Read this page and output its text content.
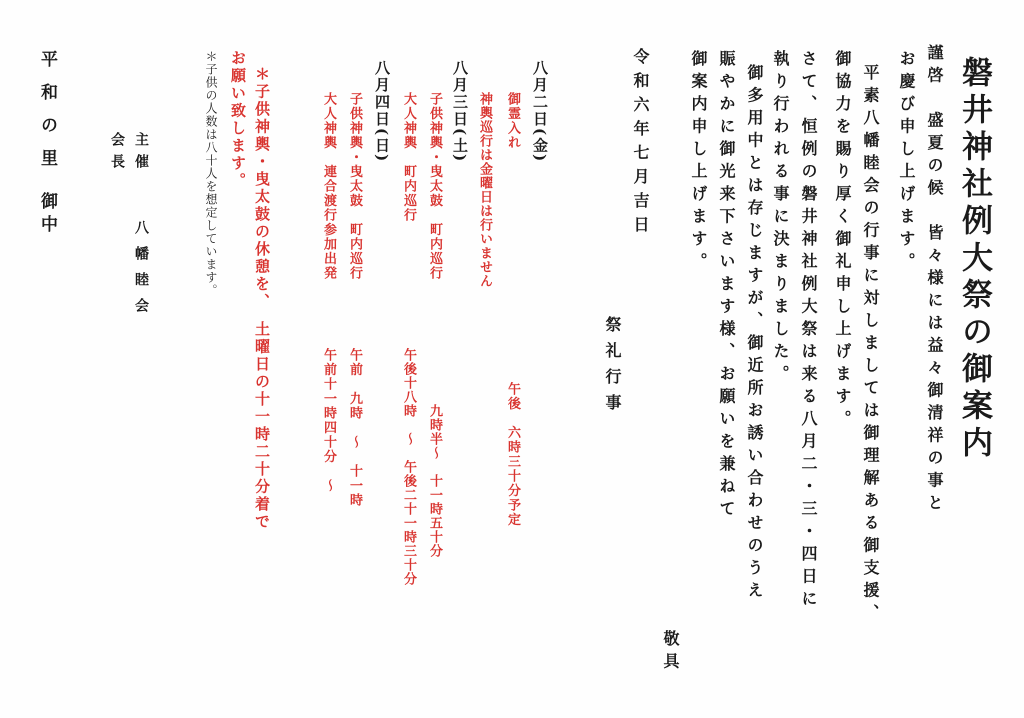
磐井神社例大祭の御案内
謹啓　盛夏の候　皆々様には益々御清祥の事と
お慶び申し上げます。
平素八幡睦会の行事に対しましては御理解ある御支援、
御協力を賜り厚く御礼申し上げます。
さて、恒例の磐井神社例大祭は来る八月二・三・四日に
執り行われる事に決まりました。
御多用中とは存じますが、御近所お誘い合わせのうえ
賑やかに御光来下さいます様、お願いを兼ねて
御案内申し上げます。
敬具
令和六年七月吉日
祭礼行事
八月二日(金)
御霊入れ
午後　六時三十分予定
神輿巡行は金曜日は行いません
八月三日(土)
子供神輿・曳太鼓　町内巡行
九時半～　十一時五十分
大人神輿　町内巡行
午後十八時　～　午後二十一時三十分
八月四日(日)
子供神輿・曳太鼓　町内巡行
午前　九時　～　十一時
大人神輿　連合渡行参加出発
午前十一時四十分　～
＊子供神輿・曳太鼓の休憩を、　土曜日の十一時二十分着で
お願い致します。
＊子供の人数は八十人を想定しています。
主催
八幡睦会
会長
平和の里
御中
